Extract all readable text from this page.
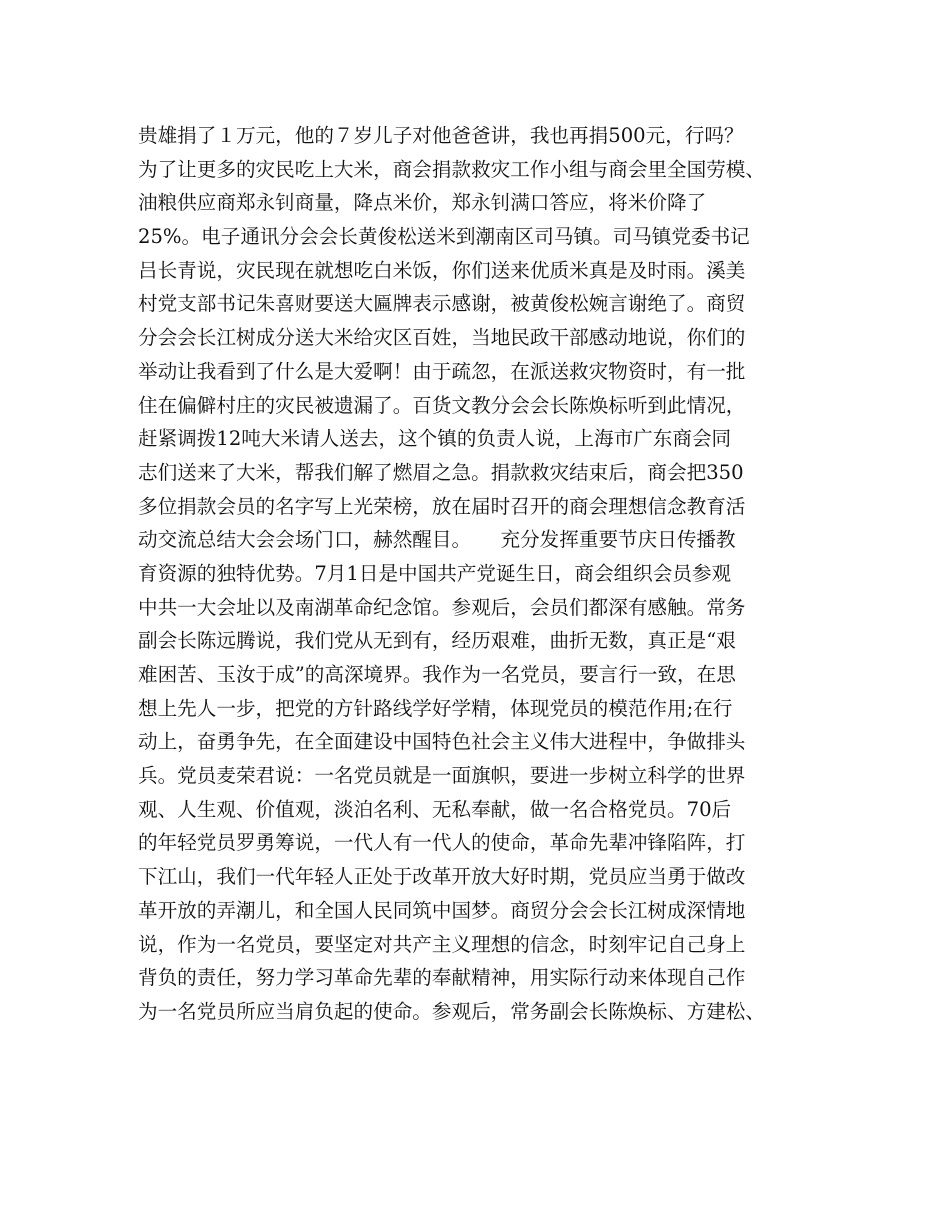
贵雄捐了１万元，他的７岁儿子对他爸爸讲，我也再捐500元，行吗？
为了让更多的灾民吃上大米，商会捐款救灾工作小组与商会里全国劳模、
油粮供应商郑永钊商量，降点米价，郑永钊满口答应，将米价降了
25%。电子通讯分会会长黄俊松送米到潮南区司马镇。司马镇党委书记
吕长青说，灾民现在就想吃白米饭，你们送来优质米真是及时雨。溪美
村党支部书记朱喜财要送大匾牌表示感谢，被黄俊松婉言谢绝了。商贸
分会会长江树成分送大米给灾区百姓，当地民政干部感动地说，你们的
举动让我看到了什么是大爱啊！由于疏忽，在派送救灾物资时，有一批
住在偏僻村庄的灾民被遗漏了。百货文教分会会长陈焕标听到此情况，
赶紧调拨12吨大米请人送去，这个镇的负责人说，上海市广东商会同
志们送来了大米，帮我们解了燃眉之急。捐款救灾结束后，商会把350
多位捐款会员的名字写上光荣榜，放在届时召开的商会理想信念教育活
动交流总结大会会场门口，赫然醒目。　　充分发挥重要节庆日传播教
育资源的独特优势。7月1日是中国共产党诞生日，商会组织会员参观
中共一大会址以及南湖革命纪念馆。参观后，会员们都深有感触。常务
副会长陈远腾说，我们党从无到有，经历艰难，曲折无数，真正是“艰
难困苦、玉汝于成”的高深境界。我作为一名党员，要言行一致，在思
想上先人一步，把党的方针路线学好学精，体现党员的模范作用;在行
动上，奋勇争先，在全面建设中国特色社会主义伟大进程中，争做排头
兵。党员麦荣君说：一名党员就是一面旗帜，要进一步树立科学的世界
观、人生观、价值观，淡泊名利、无私奉献，做一名合格党员。70后
的年轻党员罗勇筹说，一代人有一代人的使命，革命先辈冲锋陷阵，打
下江山，我们一代年轻人正处于改革开放大好时期，党员应当勇于做改
革开放的弄潮儿，和全国人民同筑中国梦。商贸分会会长江树成深情地
说，作为一名党员，要坚定对共产主义理想的信念，时刻牢记自己身上
背负的责任，努力学习革命先辈的奉献精神，用实际行动来体现自己作
为一名党员所应当肩负起的使命。参观后，常务副会长陈焕标、方建松、
